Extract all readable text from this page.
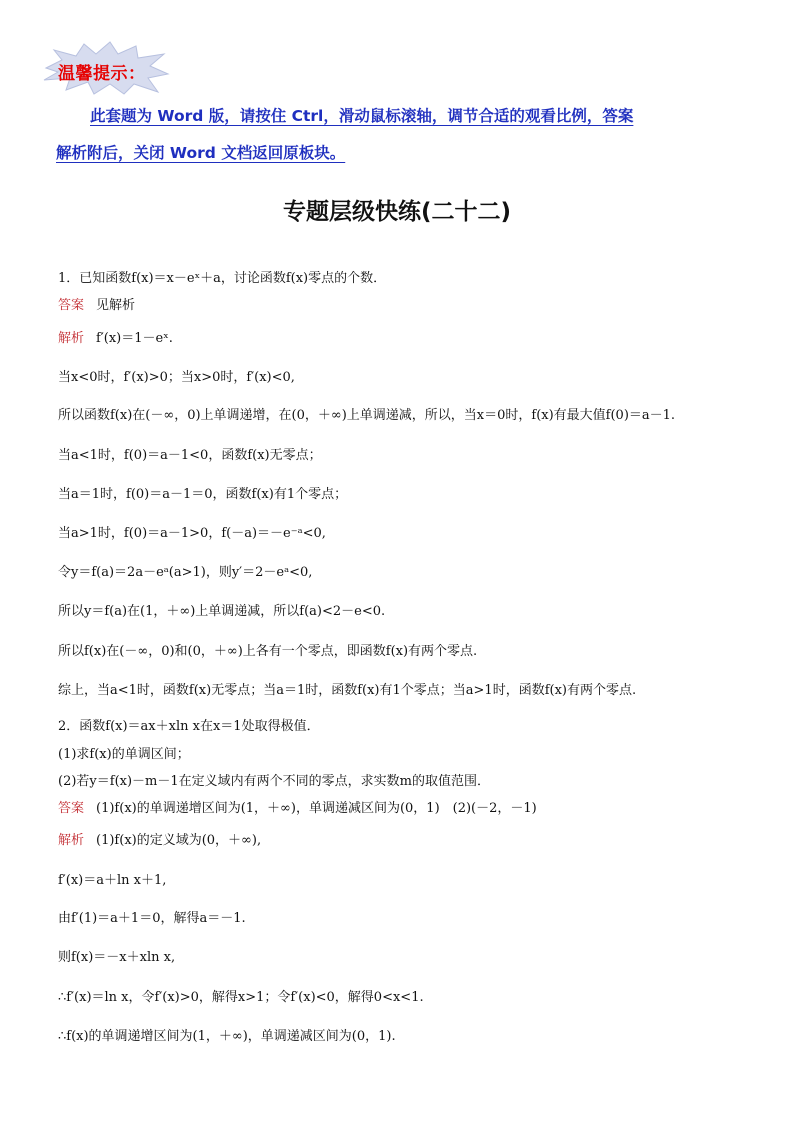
温馨提示：
此套题为 Word 版，请按住 Ctrl，滑动鼠标滚轴，调节合适的观看比例，答案
解析附后，关闭 Word 文档返回原板块。
专题层级快练(二十二)
1．已知函数f(x)＝x－eˣ＋a，讨论函数f(x)零点的个数．
答案 见解析
解析 f′(x)＝1－eˣ.
当x<0时，f′(x)>0；当x>0时，f′(x)<0,
所以函数f(x)在(－∞，0)上单调递增，在(0，＋∞)上单调递减，所以，当x＝0时，f(x)有最大值f(0)＝a－1.
当a<1时，f(0)＝a－1<0，函数f(x)无零点；
当a＝1时，f(0)＝a－1＝0，函数f(x)有1个零点；
当a>1时，f(0)＝a－1>0，f(－a)＝－e⁻ᵃ<0,
令y＝f(a)＝2a－eᵃ(a>1)，则y′＝2－eᵃ<0,
所以y＝f(a)在(1，＋∞)上单调递减，所以f(a)<2－e<0.
所以f(x)在(－∞，0)和(0，＋∞)上各有一个零点，即函数f(x)有两个零点.
综上，当a<1时，函数f(x)无零点；当a＝1时，函数f(x)有1个零点；当a>1时，函数f(x)有两个零点.
2．函数f(x)＝ax＋xln x在x＝1处取得极值．
(1)求f(x)的单调区间；
(2)若y＝f(x)－m－1在定义域内有两个不同的零点，求实数m的取值范围．
答案 (1)f(x)的单调递增区间为(1，＋∞)，单调递减区间为(0，1)　(2)(－2，－1)
解析 (1)f(x)的定义域为(0，＋∞),
f′(x)＝a＋ln x＋1,
由f′(1)＝a＋1＝0，解得a＝－1.
则f(x)＝－x＋xln x,
∴f′(x)＝ln x，令f′(x)>0，解得x>1；令f′(x)<0，解得0<x<1.
∴f(x)的单调递增区间为(1，＋∞)，单调递减区间为(0，1).
